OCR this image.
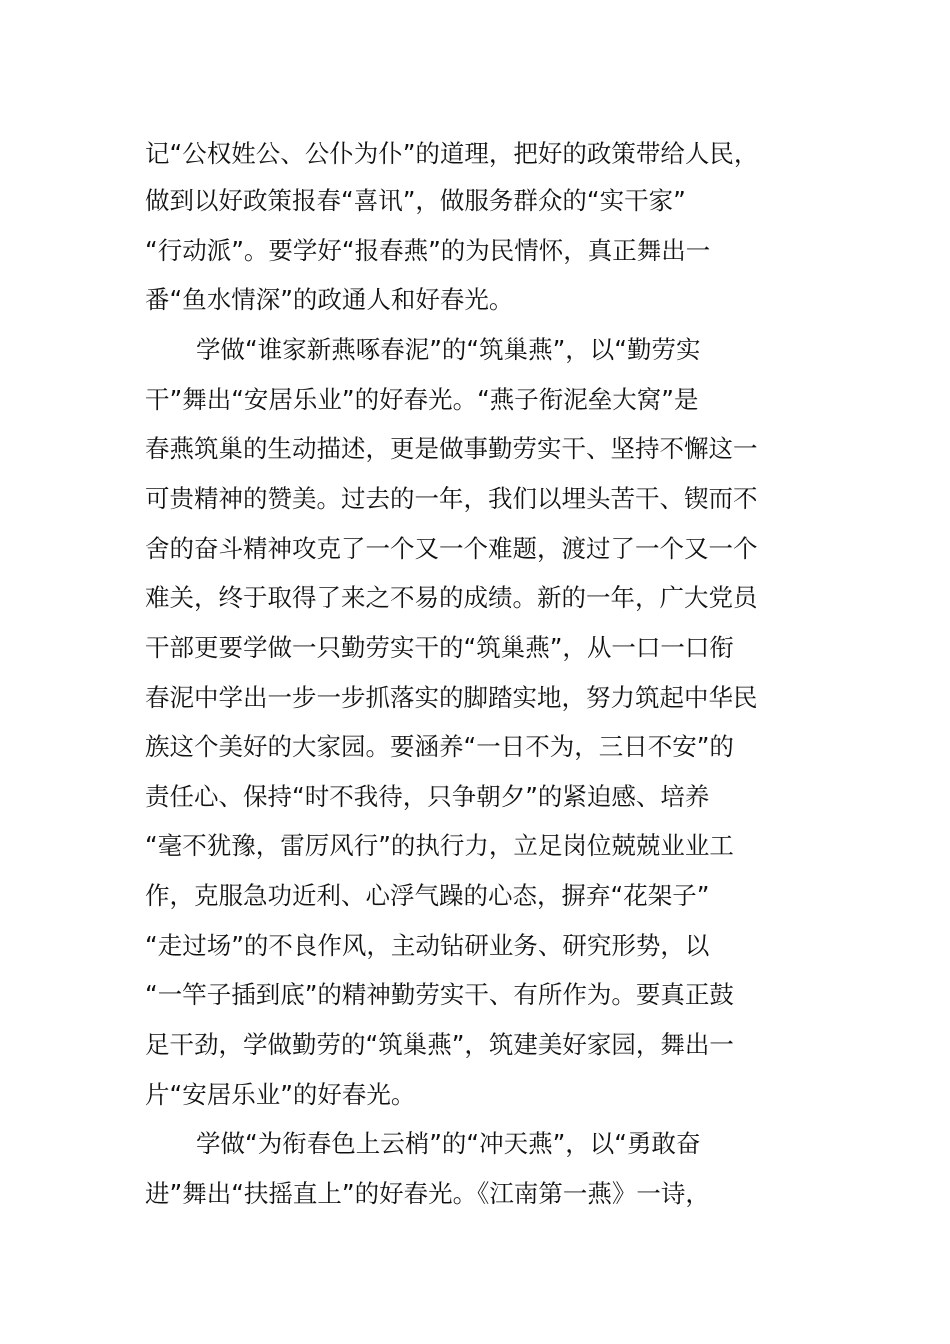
记“公权姓公、公仆为仆”的道理，把好的政策带给人民，
做到以好政策报春“喜讯”，做服务群众的“实干家”
“行动派”。要学好“报春燕”的为民情怀，真正舞出一
番“鱼水情深”的政通人和好春光。
学做“谁家新燕啄春泥”的“筑巢燕”，以“勤劳实
干”舞出“安居乐业”的好春光。“燕子衔泥垒大窝”是
春燕筑巢的生动描述，更是做事勤劳实干、坚持不懈这一
可贵精神的赞美。过去的一年，我们以埋头苦干、锲而不
舍的奋斗精神攻克了一个又一个难题，渡过了一个又一个
难关，终于取得了来之不易的成绩。新的一年，广大党员
干部更要学做一只勤劳实干的“筑巢燕”，从一口一口衔
春泥中学出一步一步抓落实的脚踏实地，努力筑起中华民
族这个美好的大家园。要涵养“一日不为，三日不安”的
责任心、保持“时不我待，只争朝夕”的紧迫感、培养
“毫不犹豫，雷厉风行”的执行力，立足岗位兢兢业业工
作，克服急功近利、心浮气躁的心态，摒弃“花架子”
“走过场”的不良作风，主动钻研业务、研究形势，以
“一竿子插到底”的精神勤劳实干、有所作为。要真正鼓
足干劲，学做勤劳的“筑巢燕”，筑建美好家园，舞出一
片“安居乐业”的好春光。
学做“为衔春色上云梢”的“冲天燕”，以“勇敢奋
进”舞出“扶摇直上”的好春光。《江南第一燕》一诗，
